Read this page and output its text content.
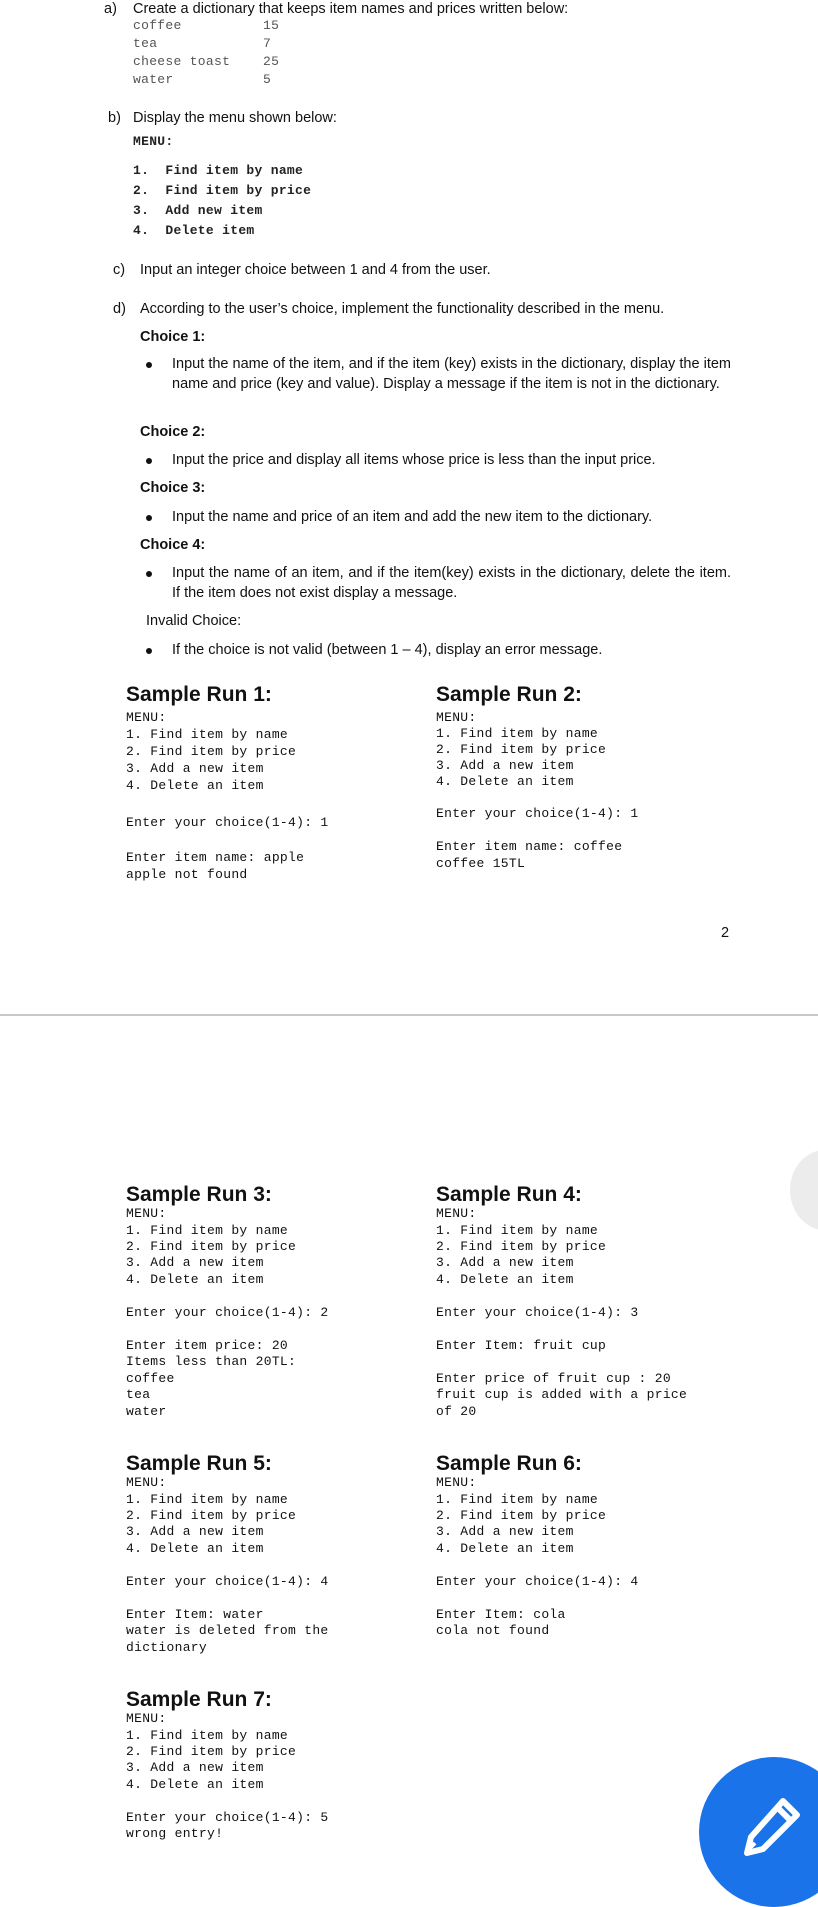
a) Create a dictionary that keeps item names and prices written below:
coffee	15
tea	7
cheese toast	25
water	5
b) Display the menu shown below:
MENU:
1.  Find item by name
2.  Find item by price
3.  Add new item
4.  Delete item
c) Input an integer choice between 1 and 4 from the user.
d) According to the user’s choice, implement the functionality described in the menu.
Choice 1:
Input the name of the item, and if the item (key) exists in the dictionary, display the item name and price (key and value). Display a message if the item is not in the dictionary.
Choice 2:
Input the price and display all items whose price is less than the input price.
Choice 3:
Input the name and price of an item and add the new item to the dictionary.
Choice 4:
Input the name of an item, and if the item(key) exists in the dictionary, delete the item. If the item does not exist display a message.
Invalid Choice:
If the choice is not valid (between 1 – 4), display an error message.
Sample Run 1:
MENU:
1. Find item by name
2. Find item by price
3. Add a new item
4. Delete an item
Enter your choice(1-4): 1
Enter item name: apple
apple not found
Sample Run 2:
MENU:
1. Find item by name
2. Find item by price
3. Add a new item
4. Delete an item
Enter your choice(1-4): 1
Enter item name: coffee
coffee 15TL
2
Sample Run 3:
MENU:
1. Find item by name
2. Find item by price
3. Add a new item
4. Delete an item
Enter your choice(1-4): 2
Enter item price: 20
Items less than 20TL:
coffee
tea
water
Sample Run 4:
MENU:
1. Find item by name
2. Find item by price
3. Add a new item
4. Delete an item
Enter your choice(1-4): 3
Enter Item: fruit cup
Enter price of fruit cup : 20
fruit cup is added with a price
of 20
Sample Run 5:
MENU:
1. Find item by name
2. Find item by price
3. Add a new item
4. Delete an item
Enter your choice(1-4): 4
Enter Item: water
water is deleted from the
dictionary
Sample Run 6:
MENU:
1. Find item by name
2. Find item by price
3. Add a new item
4. Delete an item
Enter your choice(1-4): 4
Enter Item: cola
cola not found
Sample Run 7:
MENU:
1. Find item by name
2. Find item by price
3. Add a new item
4. Delete an item
Enter your choice(1-4): 5
wrong entry!
